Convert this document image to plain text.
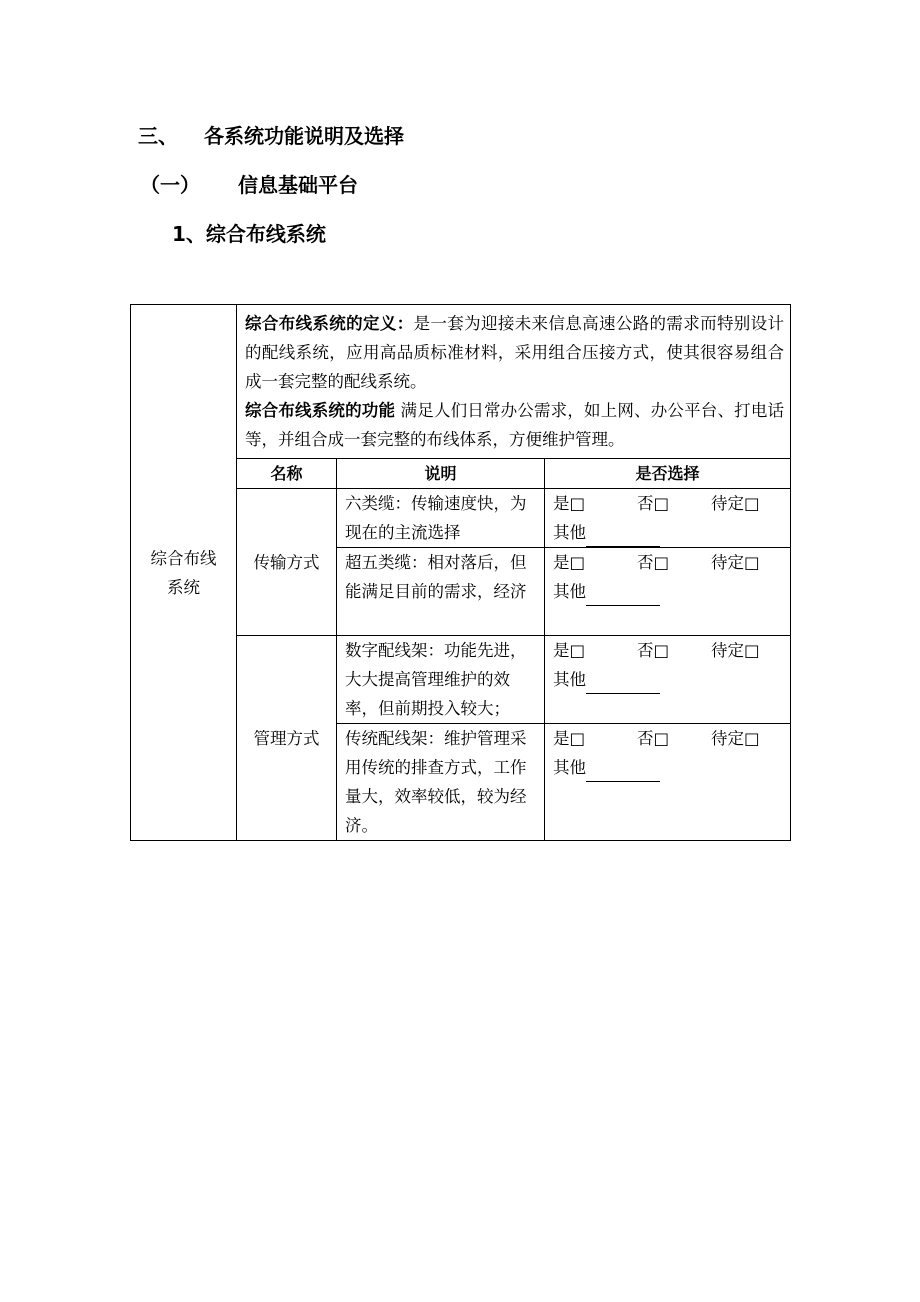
三、 各系统功能说明及选择
（一） 信息基础平台
1、综合布线系统
综合布线系统	综合布线系统的定义：是一套为迎接未来信息高速公路的需求而特别设计的配线系统，应用高品质标准材料，采用组合压接方式，使其很容易组合成一套完整的配线系统。

综合布线系统的功能 满足人们日常办公需求，如上网、办公平台、打电话等，并组合成一套完整的布线体系，方便维护管理。		

	名称	说明	是否选择
	传输方式	六类缆：传输速度快，为现在的主流选择	是□ 否□ 待定□
其他

		超五类缆：相对落后，但能满足目前的需求，经济	是□ 否□ 待定□
其他

	管理方式	数字配线架：功能先进，大大提高管理维护的效率，但前期投入较大；	是□ 否□ 待定□
其他

		传统配线架：维护管理采用传统的排查方式，工作量大，效率较低，较为经济。	是□ 否□ 待定□
其他
